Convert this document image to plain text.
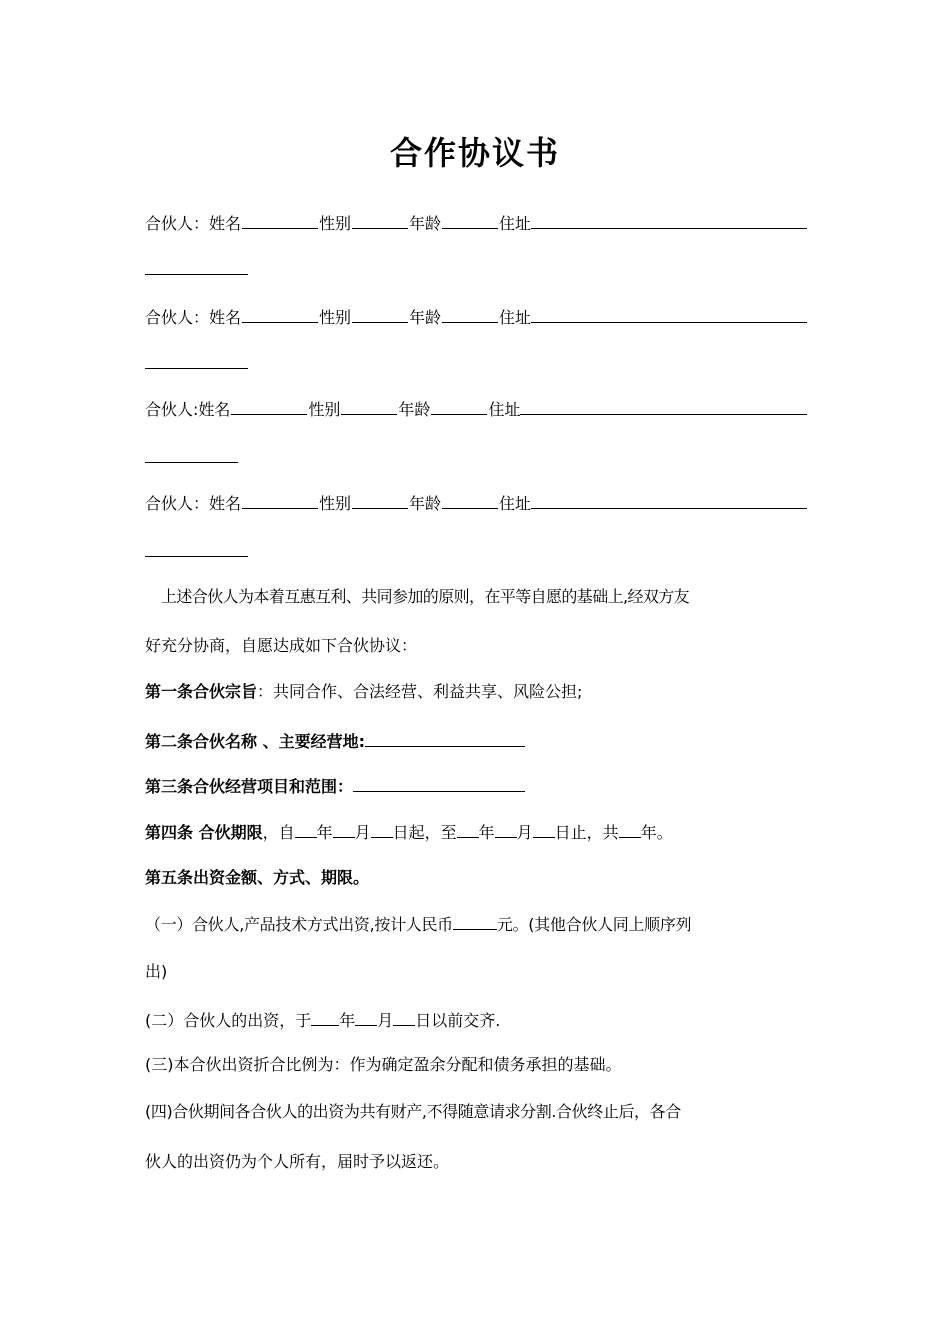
合作协议书
合伙人：姓名	性别	年龄	住址
合伙人：姓名	性别	年龄	住址
合伙人:姓名	性别	年龄	住址
合伙人：姓名	性别	年龄	住址
上述合伙人为本着互惠互利、共同参加的原则，在平等自愿的基础上,经双方友
好充分协商，自愿达成如下合伙协议：
第一条合伙宗旨：共同合作、合法经营、利益共享、风险公担;
第二条合伙名称 、主要经营地:
第三条合伙经营项目和范围：
第四条 合伙期限，自 年 月 日起，至 年 月 日止，共 年。
第五条出资金额、方式、期限。
（一）合伙人,产品技术方式出资,按计人民币	元。(其他合伙人同上顺序列
出)
(二）合伙人的出资，于 年 月 日以前交齐.
(三)本合伙出资折合比例为：作为确定盈余分配和债务承担的基础。
(四)合伙期间各合伙人的出资为共有财产,不得随意请求分割.合伙终止后，各合
伙人的出资仍为个人所有，届时予以返还。
